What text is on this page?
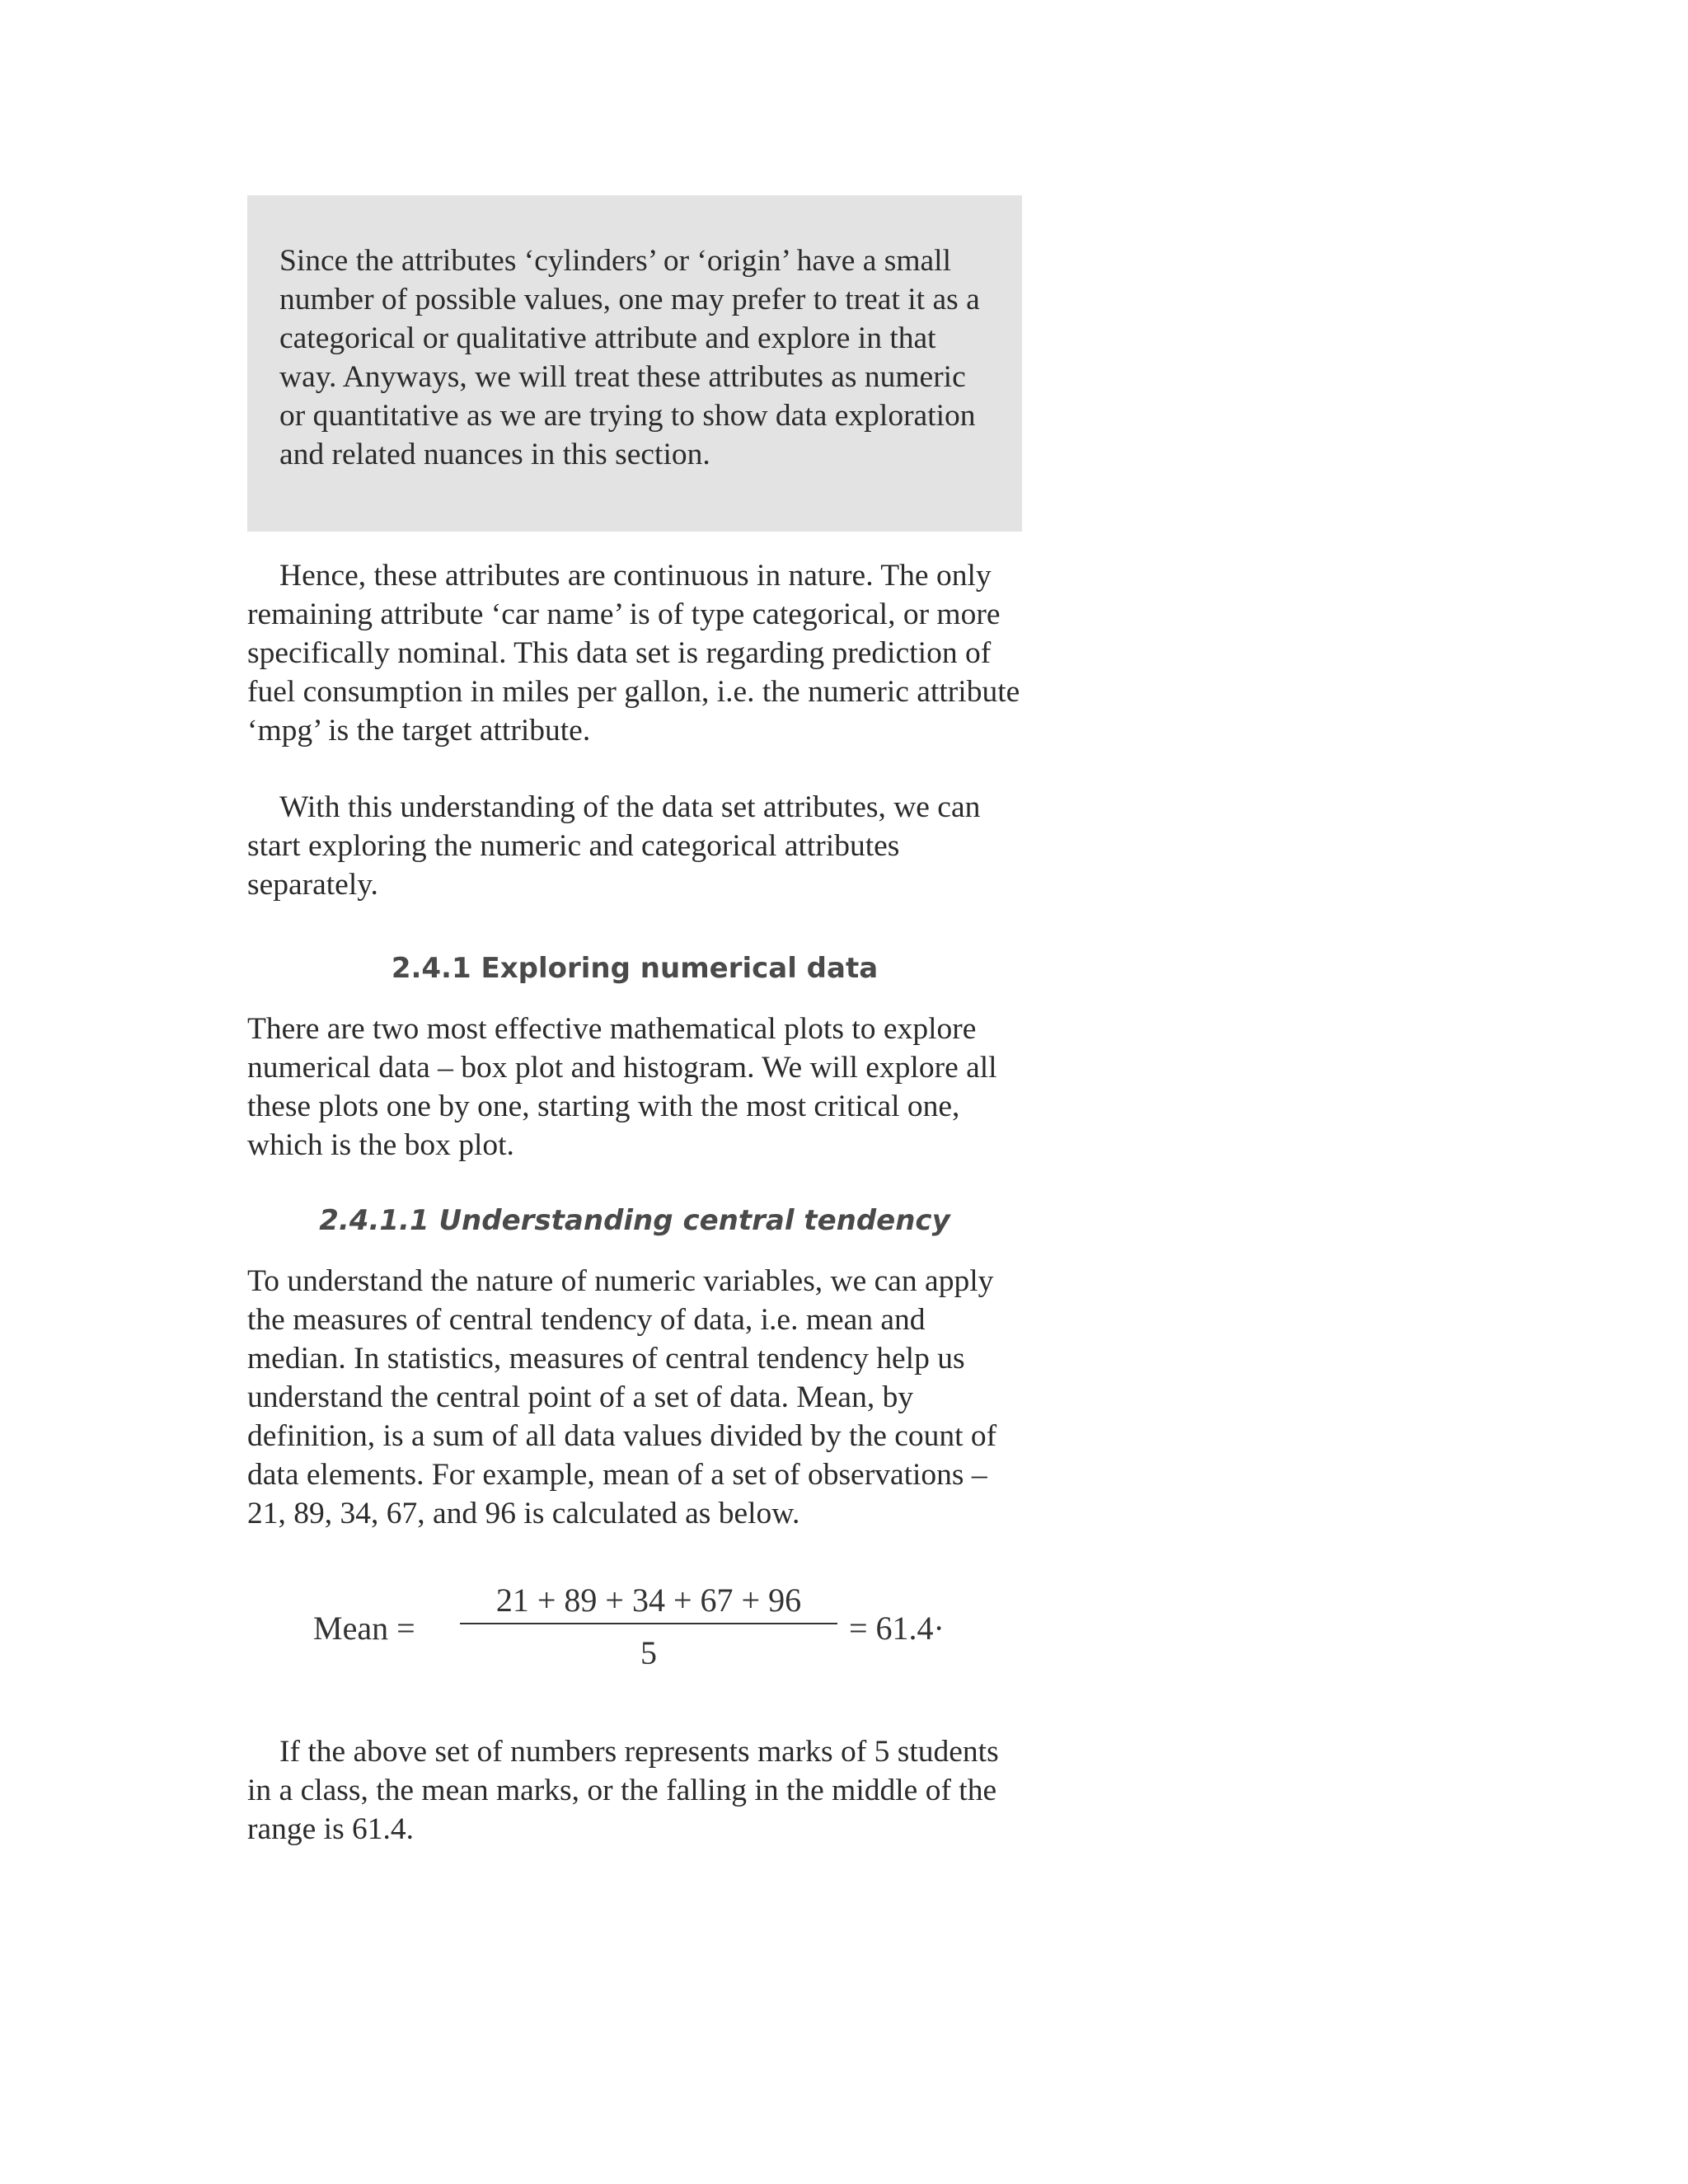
Since the attributes ‘cylinders’ or ‘origin’ have a small number of possible values, one may prefer to treat it as a categorical or qualitative attribute and explore in that way. Anyways, we will treat these attributes as numeric or quantitative as we are trying to show data exploration and related nuances in this section.

Hence, these attributes are continuous in nature. The only remaining attribute ‘car name’ is of type categorical, or more specifically nominal. This data set is regarding prediction of fuel consumption in miles per gallon, i.e. the numeric attribute ‘mpg’ is the target attribute.

With this understanding of the data set attributes, we can start exploring the numeric and categorical attributes separately.

2.4.1 Exploring numerical data

There are two most effective mathematical plots to explore numerical data – box plot and histogram. We will explore all these plots one by one, starting with the most critical one, which is the box plot.

2.4.1.1 Understanding central tendency

To understand the nature of numeric variables, we can apply the measures of central tendency of data, i.e. mean and median. In statistics, measures of central tendency help us understand the central point of a set of data. Mean, by definition, is a sum of all data values divided by the count of data elements. For example, mean of a set of observations – 21, 89, 34, 67, and 96 is calculated as below.

Mean =
21 + 89 + 34 + 67 + 96
5
= 61.4·

If the above set of numbers represents marks of 5 students in a class, the mean marks, or the falling in the middle of the range is 61.4.
